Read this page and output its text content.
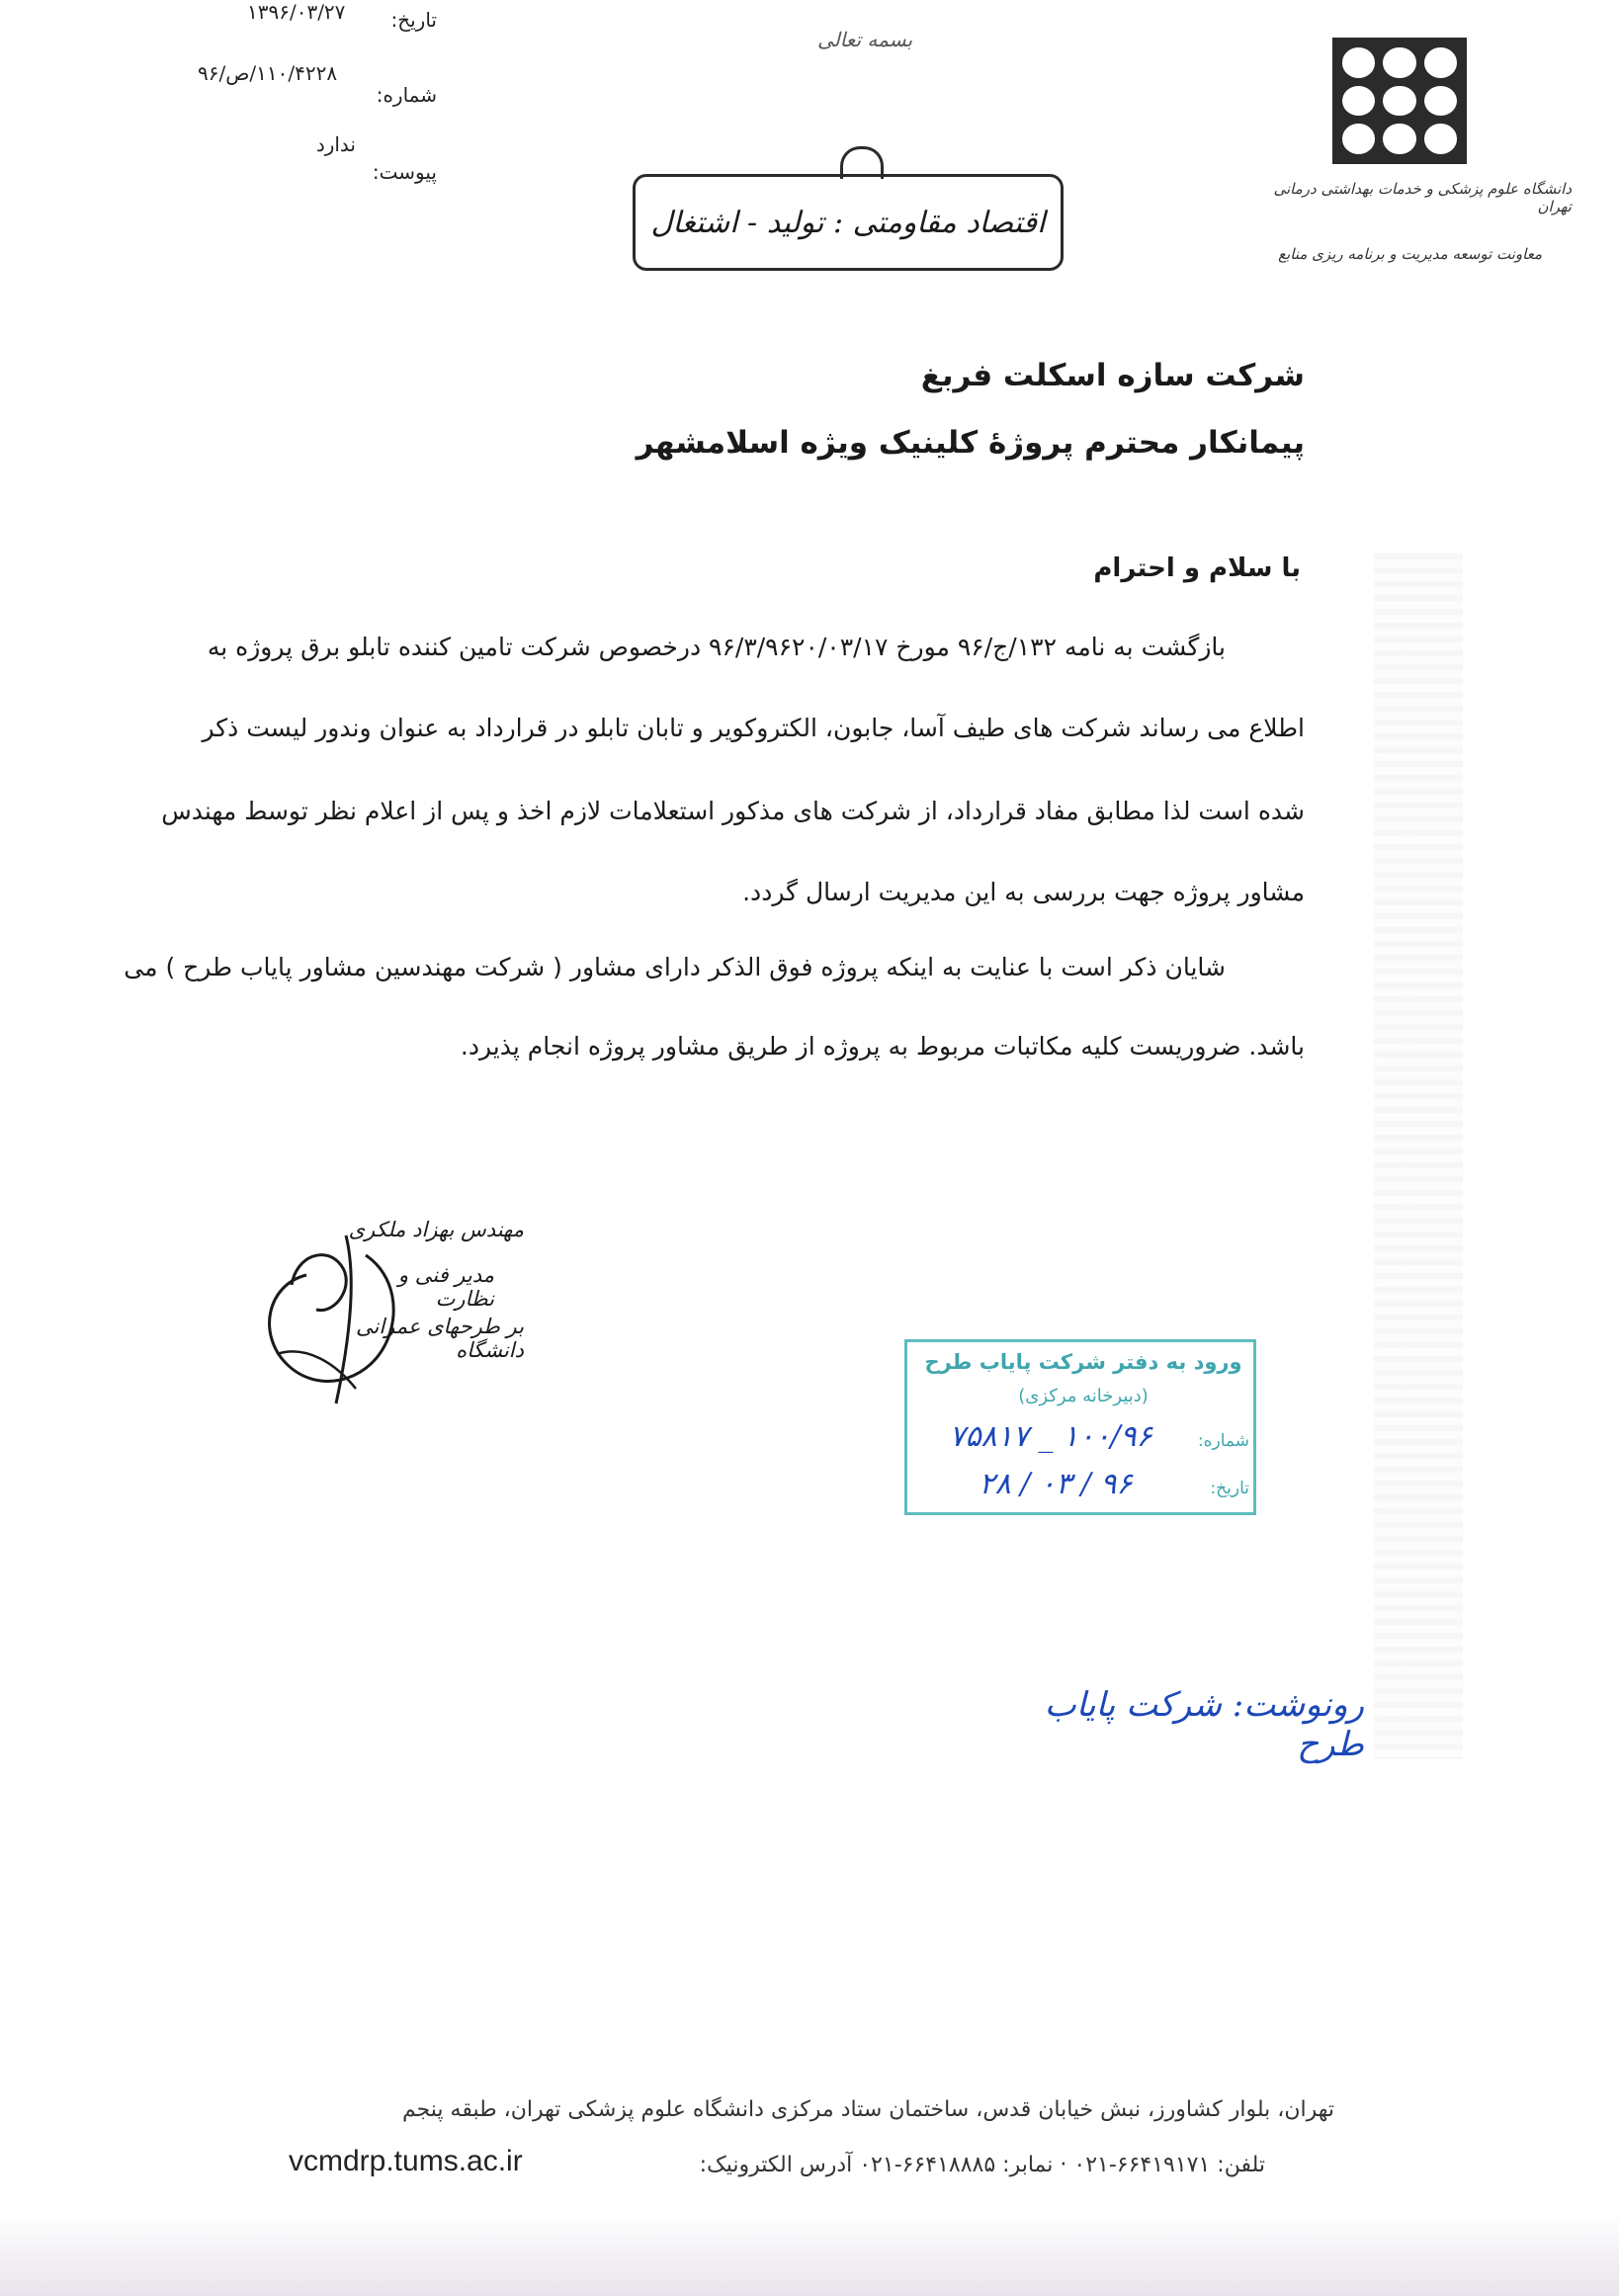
تاریخ:
۱۳۹۶/۰۳/۲۷
شماره:
۱۱۰/۴۲۲۸/ص/۹۶
پیوست:
ندارد
بسمه تعالی
اقتصاد مقاومتی : تولید - اشتغال
دانشگاه علوم پزشکی و خدمات بهداشتی درمانی تهران
معاونت توسعه مدیریت و برنامه ریزی منابع
شرکت سازه اسکلت فربغ
پیمانکار محترم پروژۀ کلینیک ویژه اسلامشهر
با سلام و احترام
بازگشت به نامه ۱۳۲/ج/۹۶ مورخ ۹۶/۳/۹۶۲۰/۰۳/۱۷ درخصوص شرکت تامین کننده تابلو برق پروژه به
اطلاع می رساند شرکت های طیف آسا، جابون، الکتروکویر و تابان تابلو در قرارداد به عنوان وندور لیست ذکر
شده است لذا مطابق مفاد قرارداد، از شرکت های مذکور استعلامات لازم اخذ و پس از اعلام نظر توسط مهندس
مشاور پروژه جهت بررسی به این مدیریت ارسال گردد.
شایان ذکر است با عنایت به اینکه پروژه فوق الذکر دارای مشاور ( شرکت مهندسین مشاور پایاب طرح ) می
باشد. ضروریست کلیه مکاتبات مربوط به پروژه از طریق مشاور پروژه انجام پذیرد.
مهندس بهزاد ملکری
مدیر فنی و نظارت
بر طرحهای عمرانی دانشگاه	ورود به دفتر شرکت پایاب طرح
(دبیرخانه مرکزی)
شماره:
۱۰۰/۹۶ _ ۷۵۸۱۷
تاریخ:
۹۶ / ۰۳ / ۲۸
رونوشت: شرکت پایاب طرح
تهران، بلوار کشاورز، نبش خیابان قدس، ساختمان ستاد مرکزی دانشگاه علوم پزشکی تهران، طبقه پنجم
تلفن: ۶۶۴۱۹۱۷۱-۰۲۱ · نمابر: ۶۶۴۱۸۸۸۵-۰۲۱ آدرس الکترونیک:
vcmdrp.tums.ac.ir
